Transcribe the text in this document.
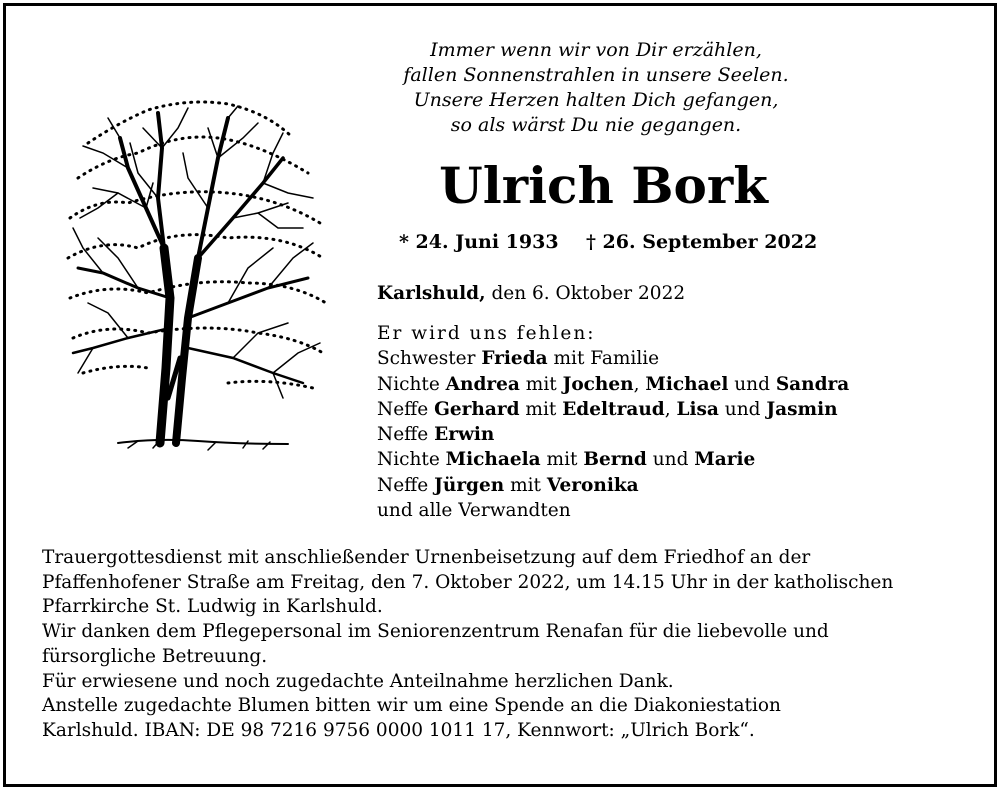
Immer wenn wir von Dir erzählen,
fallen Sonnenstrahlen in unsere Seelen.
Unsere Herzen halten Dich gefangen,
so als wärst Du nie gegangen.
Ulrich Bork
* 24. Juni 1933 † 26. September 2022
Karlshuld, den 6. Oktober 2022
Er wird uns fehlen:
Schwester Frieda mit Familie
Nichte Andrea mit Jochen, Michael und Sandra
Neffe Gerhard mit Edeltraud, Lisa und Jasmin
Neffe Erwin
Nichte Michaela mit Bernd und Marie
Neffe Jürgen mit Veronika
und alle Verwandten
Trauergottesdienst mit anschließender Urnenbeisetzung auf dem Friedhof an der
Pfaffenhofener Straße am Freitag, den 7. Oktober 2022, um 14.15 Uhr in der katholischen
Pfarrkirche St. Ludwig in Karlshuld.
Wir danken dem Pflegepersonal im Seniorenzentrum Renafan für die liebevolle und
fürsorgliche Betreuung.
Für erwiesene und noch zugedachte Anteilnahme herzlichen Dank.
Anstelle zugedachte Blumen bitten wir um eine Spende an die Diakoniestation
Karlshuld. IBAN: DE 98 7216 9756 0000 1011 17, Kennwort: „Ulrich Bork“.
